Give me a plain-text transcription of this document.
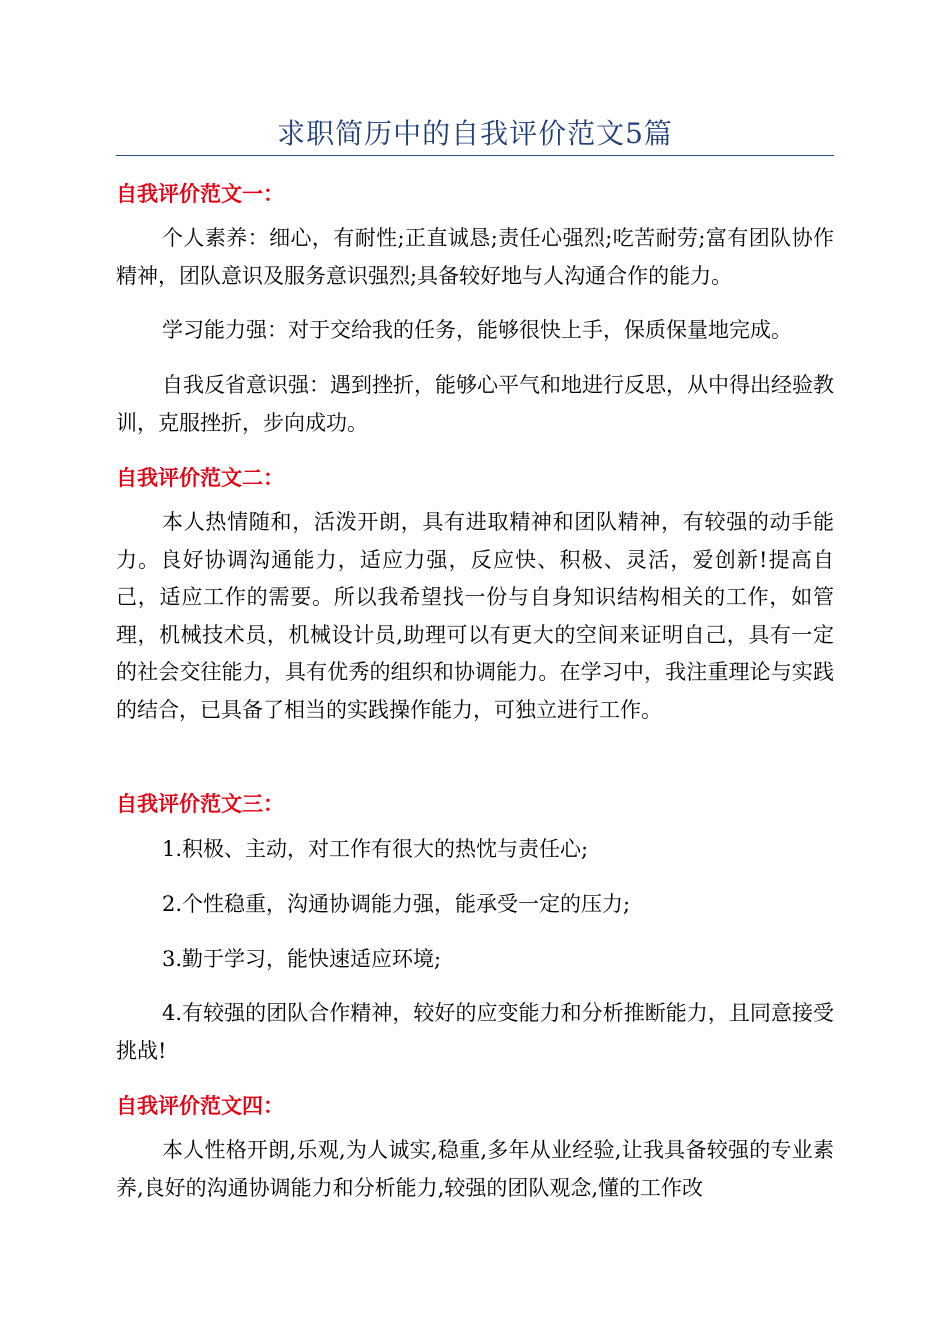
求职简历中的自我评价范文5篇
自我评价范文一：

个人素养：细心，有耐性;正直诚恳;责任心强烈;吃苦耐劳;富有团队协作精神，团队意识及服务意识强烈;具备较好地与人沟通合作的能力。

学习能力强：对于交给我的任务，能够很快上手，保质保量地完成。

自我反省意识强：遇到挫折，能够心平气和地进行反思，从中得出经验教训，克服挫折，步向成功。

自我评价范文二：

本人热情随和，活泼开朗，具有进取精神和团队精神，有较强的动手能力。良好协调沟通能力，适应力强，反应快、积极、灵活，爱创新!提高自己，适应工作的需要。所以我希望找一份与自身知识结构相关的工作，如管理，机械技术员，机械设计员,助理可以有更大的空间来证明自己，具有一定的社会交往能力，具有优秀的组织和协调能力。在学习中，我注重理论与实践的结合，已具备了相当的实践操作能力，可独立进行工作。

自我评价范文三：

1.积极、主动，对工作有很大的热忱与责任心;

2.个性稳重，沟通协调能力强，能承受一定的压力;

3.勤于学习，能快速适应环境;

4.有较强的团队合作精神，较好的应变能力和分析推断能力，且同意接受挑战!

自我评价范文四：

本人性格开朗,乐观,为人诚实,稳重,多年从业经验,让我具备较强的专业素养,良好的沟通协调能力和分析能力,较强的团队观念,懂的工作改
